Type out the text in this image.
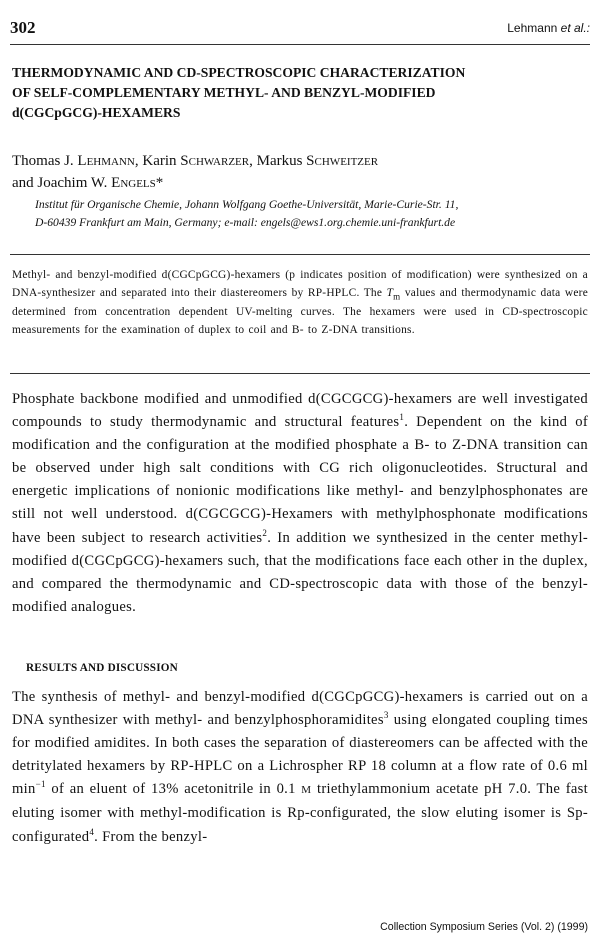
302	Lehmann et al.:
THERMODYNAMIC AND CD-SPECTROSCOPIC CHARACTERIZATION
OF SELF-COMPLEMENTARY METHYL- AND BENZYL-MODIFIED
d(CGCpGCG)-HEXAMERS
Thomas J. Lehmann, Karin Schwarzer, Markus Schweitzer
and Joachim W. Engels*
Institut für Organische Chemie, Johann Wolfgang Goethe-Universität, Marie-Curie-Str. 11,
D-60439 Frankfurt am Main, Germany; e-mail: engels@ews1.org.chemie.uni-frankfurt.de
Methyl- and benzyl-modified d(CGCpGCG)-hexamers (p indicates position of modification) were synthesized on a DNA-synthesizer and separated into their diastereomers by RP-HPLC. The $T_m$ values and thermodynamic data were determined from concentration dependent UV-melting curves. The hexamers were used in CD-spectroscopic measurements for the examination of duplex to coil and B- to Z-DNA transitions.
Phosphate backbone modified and unmodified d(CGCGCG)-hexamers are well investigated compounds to study thermodynamic and structural features$^1$. Dependent on the kind of modification and the configuration at the modified phosphate a B- to Z-DNA transition can be observed under high salt conditions with CG rich oligonucleotides. Structural and energetic implications of nonionic modifications like methyl- and benzylphosphonates are still not well understood. d(CGCGCG)-Hexamers with methylphosphonate modifications have been subject to research activities$^2$. In addition we synthesized in the center methyl-modified d(CGCpGCG)-hexamers such, that the modifications face each other in the duplex, and compared the thermodynamic and CD-spectroscopic data with those of the benzyl-modified analogues.
RESULTS AND DISCUSSION
The synthesis of methyl- and benzyl-modified d(CGCpGCG)-hexamers is carried out on a DNA synthesizer with methyl- and benzylphosphoramidites$^3$ using elongated coupling times for modified amidites. In both cases the separation of diastereomers can be affected with the detritylated hexamers by RP-HPLC on a Lichrospher RP 18 column at a flow rate of 0.6 ml $\min^{-1}$ of an eluent of 13% acetonitrile in 0.1 M triethylammonium acetate pH 7.0. The fast eluting isomer with methyl-modification is Rp-configurated, the slow eluting isomer is Sp-configurated$^4$. From the benzyl-
Collection Symposium Series (Vol. 2) (1999)
